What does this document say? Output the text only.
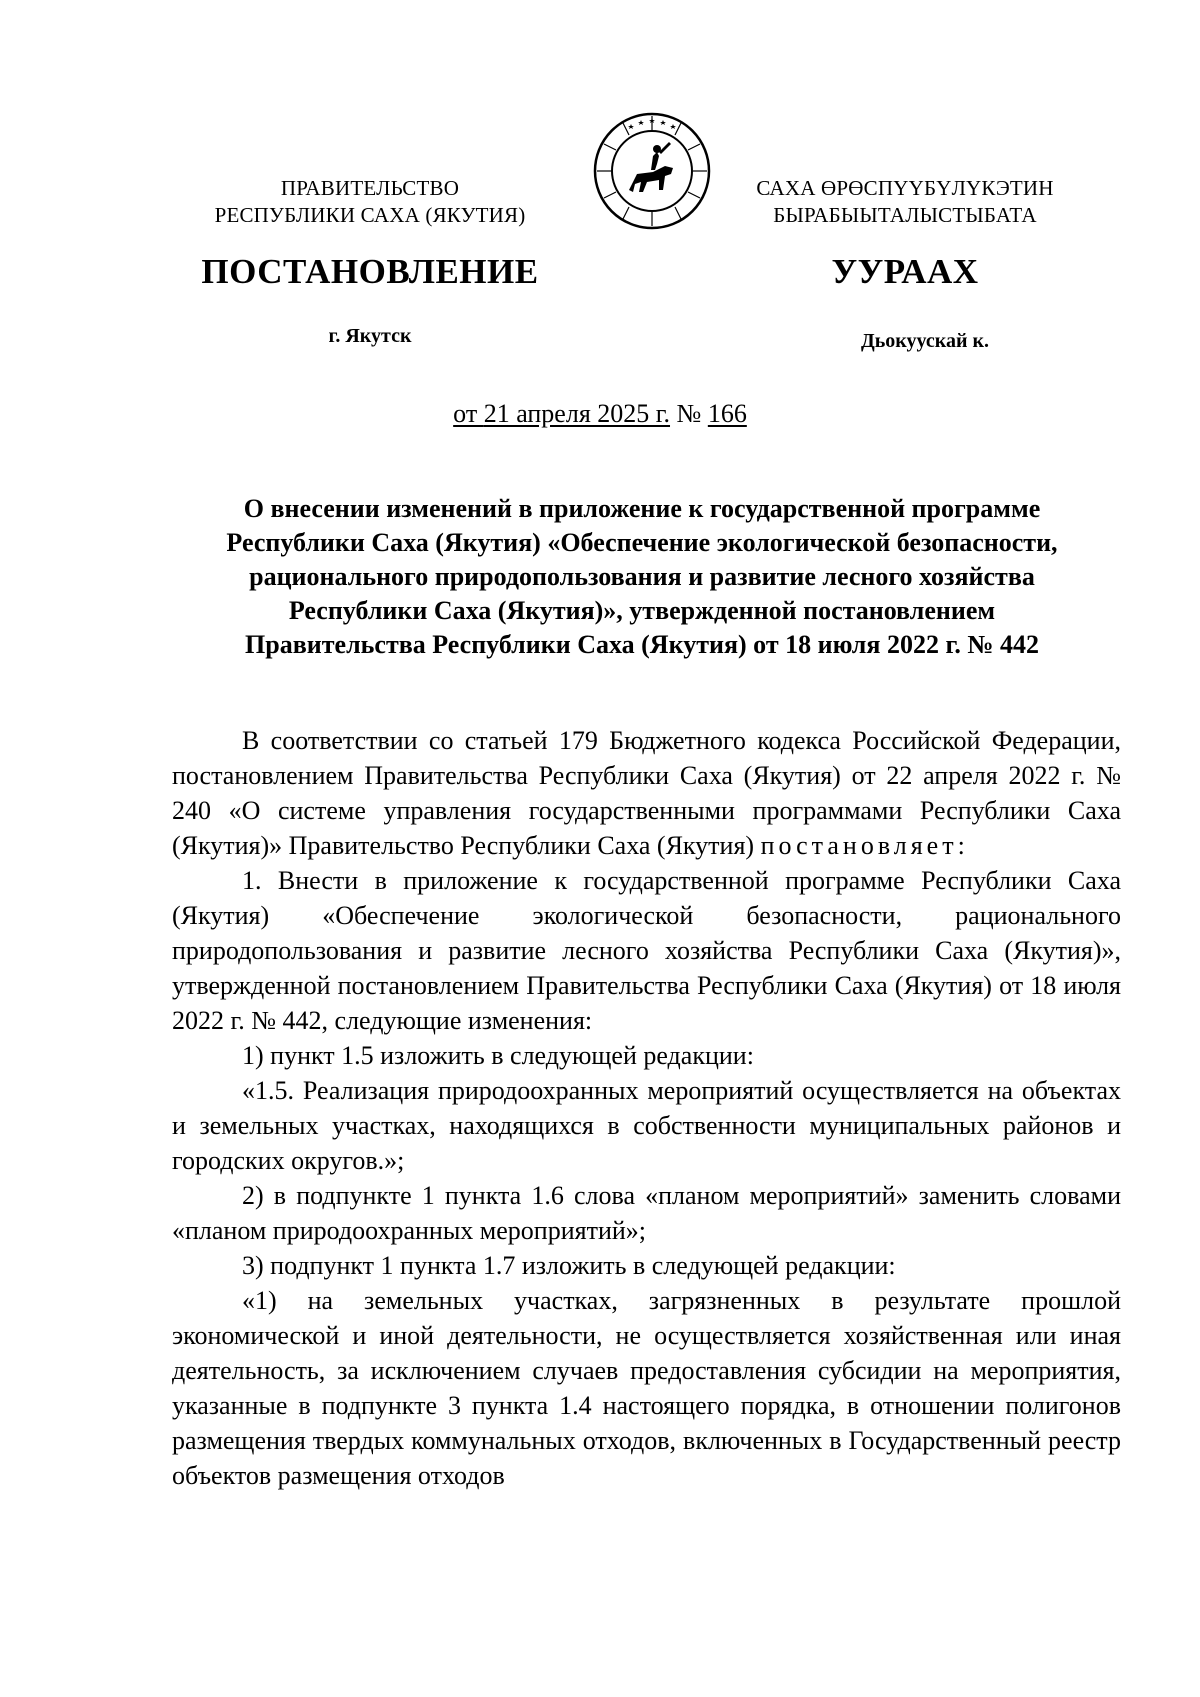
ПРАВИТЕЛЬСТВО
РЕСПУБЛИКИ САХА (ЯКУТИЯ)
САХА ӨРӨСПҮҮБҮЛҮКЭТИН
БЫРАБЫЫТАЛЫСТЫБАТА
ПОСТАНОВЛЕНИЕ	УУРААХ
г. Якутск	Дьокуускай к.
от 21 апреля 2025 г. № 166
О внесении изменений в приложение к государственной программе
Республики Саха (Якутия) «Обеспечение экологической безопасности,
рационального природопользования и развитие лесного хозяйства
Республики Саха (Якутия)», утвержденной постановлением
Правительства Республики Саха (Якутия) от 18 июля 2022 г. № 442

В соответствии со статьей 179 Бюджетного кодекса Российской Федерации, постановлением Правительства Республики Саха (Якутия) от 22 апреля 2022 г. № 240 «О системе управления государственными программами Республики Саха (Якутия)» Правительство Республики Саха (Якутия) постановляет:

1. Внести в приложение к государственной программе Республики Саха (Якутия) «Обеспечение экологической безопасности, рационального природопользования и развитие лесного хозяйства Республики Саха (Якутия)», утвержденной постановлением Правительства Республики Саха (Якутия) от 18 июля 2022 г. № 442, следующие изменения:

1) пункт 1.5 изложить в следующей редакции:

«1.5. Реализация природоохранных мероприятий осуществляется на объектах и земельных участках, находящихся в собственности муниципальных районов и городских округов.»;

2) в подпункте 1 пункта 1.6 слова «планом мероприятий» заменить словами «планом природоохранных мероприятий»;

3) подпункт 1 пункта 1.7 изложить в следующей редакции:

«1) на земельных участках, загрязненных в результате прошлой экономической и иной деятельности, не осуществляется хозяйственная или иная деятельность, за исключением случаев предоставления субсидии на мероприятия, указанные в подпункте 3 пункта 1.4 настоящего порядка, в отношении полигонов размещения твердых коммунальных отходов, включенных в Государственный реестр объектов размещения отходов
